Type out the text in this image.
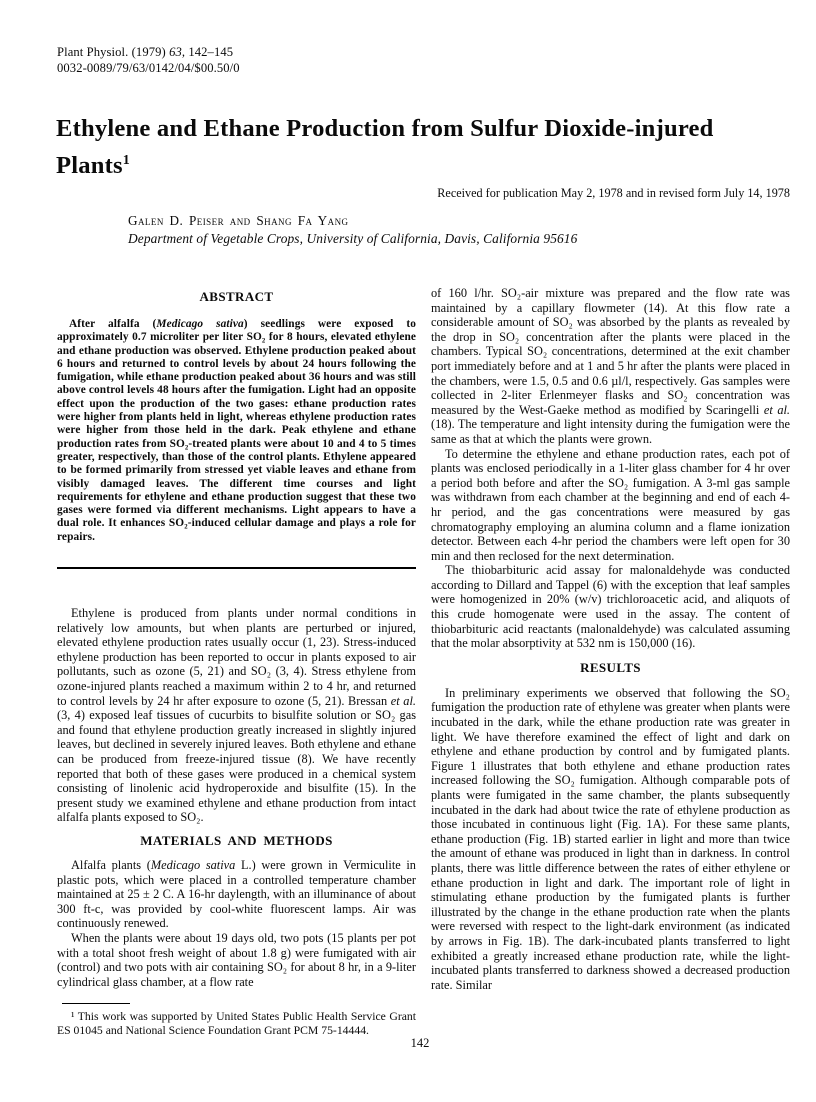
Plant Physiol. (1979) 63, 142–145
0032-0089/79/63/0142/04/$00.50/0
Ethylene and Ethane Production from Sulfur Dioxide-injured Plants$^1$
Received for publication May 2, 1978 and in revised form July 14, 1978
Galen D. Peiser and Shang Fa Yang
Department of Vegetable Crops, University of California, Davis, California 95616
ABSTRACT

After alfalfa (Medicago sativa) seedlings were exposed to approximately 0.7 microliter per liter SO₂ for 8 hours, elevated ethylene and ethane production was observed. Ethylene production peaked about 6 hours and returned to control levels by about 24 hours following the fumigation, while ethane production peaked about 36 hours and was still above control levels 48 hours after the fumigation. Light had an opposite effect upon the production of the two gases: ethane production rates were higher from plants held in light, whereas ethylene production rates were higher from those held in the dark. Peak ethylene and ethane production rates from SO₂-treated plants were about 10 and 4 to 5 times greater, respectively, than those of the control plants. Ethylene appeared to be formed primarily from stressed yet viable leaves and ethane from visibly damaged leaves. The different time courses and light requirements for ethylene and ethane production suggest that these two gases were formed via different mechanisms. Light appears to have a dual role. It enhances SO₂-induced cellular damage and plays a role for repairs.

Ethylene is produced from plants under normal conditions in relatively low amounts, but when plants are perturbed or injured, elevated ethylene production rates usually occur (1, 23). Stress-induced ethylene production has been reported to occur in plants exposed to air pollutants, such as ozone (5, 21) and SO₂ (3, 4). Stress ethylene from ozone-injured plants reached a maximum within 2 to 4 hr, and returned to control levels by 24 hr after exposure to ozone (5, 21). Bressan et al. (3, 4) exposed leaf tissues of cucurbits to bisulfite solution or SO₂ gas and found that ethylene production greatly increased in slightly injured leaves, but declined in severely injured leaves. Both ethylene and ethane can be produced from freeze-injured tissue (8). We have recently reported that both of these gases were produced in a chemical system consisting of linolenic acid hydroperoxide and bisulfite (15). In the present study we examined ethylene and ethane production from intact alfalfa plants exposed to SO₂.

MATERIALS AND METHODS

Alfalfa plants (Medicago sativa L.) were grown in Vermiculite in plastic pots, which were placed in a controlled temperature chamber maintained at 25 ± 2 C. A 16-hr daylength, with an illuminance of about 300 ft-c, was provided by cool-white fluorescent lamps. Air was continuously renewed.

When the plants were about 19 days old, two pots (15 plants per pot with a total shoot fresh weight of about 1.8 g) were fumigated with air (control) and two pots with air containing SO₂ for about 8 hr, in a 9-liter cylindrical glass chamber, at a flow rate

¹ This work was supported by United States Public Health Service Grant ES 01045 and National Science Foundation Grant PCM 75-14444.

of 160 l/hr. SO₂-air mixture was prepared and the flow rate was maintained by a capillary flowmeter (14). At this flow rate a considerable amount of SO₂ was absorbed by the plants as revealed by the drop in SO₂ concentration after the plants were placed in the chambers. Typical SO₂ concentrations, determined at the exit chamber port immediately before and at 1 and 5 hr after the plants were placed in the chambers, were 1.5, 0.5 and 0.6 µl/l, respectively. Gas samples were collected in 2-liter Erlenmeyer flasks and SO₂ concentration was measured by the West-Gaeke method as modified by Scaringelli et al. (18). The temperature and light intensity during the fumigation were the same as that at which the plants were grown.

To determine the ethylene and ethane production rates, each pot of plants was enclosed periodically in a 1-liter glass chamber for 4 hr over a period both before and after the SO₂ fumigation. A 3-ml gas sample was withdrawn from each chamber at the beginning and end of each 4-hr period, and the gas concentrations were measured by gas chromatography employing an alumina column and a flame ionization detector. Between each 4-hr period the chambers were left open for 30 min and then reclosed for the next determination.

The thiobarbituric acid assay for malonaldehyde was conducted according to Dillard and Tappel (6) with the exception that leaf samples were homogenized in 20% (w/v) trichloroacetic acid, and aliquots of this crude homogenate were used in the assay. The content of thiobarbituric acid reactants (malonaldehyde) was calculated assuming that the molar absorptivity at 532 nm is 150,000 (16).

RESULTS

In preliminary experiments we observed that following the SO₂ fumigation the production rate of ethylene was greater when plants were incubated in the dark, while the ethane production rate was greater in light. We have therefore examined the effect of light and dark on ethylene and ethane production by control and by fumigated plants. Figure 1 illustrates that both ethylene and ethane production rates increased following the SO₂ fumigation. Although comparable pots of plants were fumigated in the same chamber, the plants subsequently incubated in the dark had about twice the rate of ethylene production as those incubated in continuous light (Fig. 1A). For these same plants, ethane production (Fig. 1B) started earlier in light and more than twice the amount of ethane was produced in light than in darkness. In control plants, there was little difference between the rates of either ethylene or ethane production in light and dark. The important role of light in stimulating ethane production by the fumigated plants is further illustrated by the change in the ethane production rate when the plants were reversed with respect to the light-dark environment (as indicated by arrows in Fig. 1B). The dark-incubated plants transferred to light exhibited a greatly increased ethane production rate, while the light-incubated plants transferred to darkness showed a decreased production rate. Similar

142
